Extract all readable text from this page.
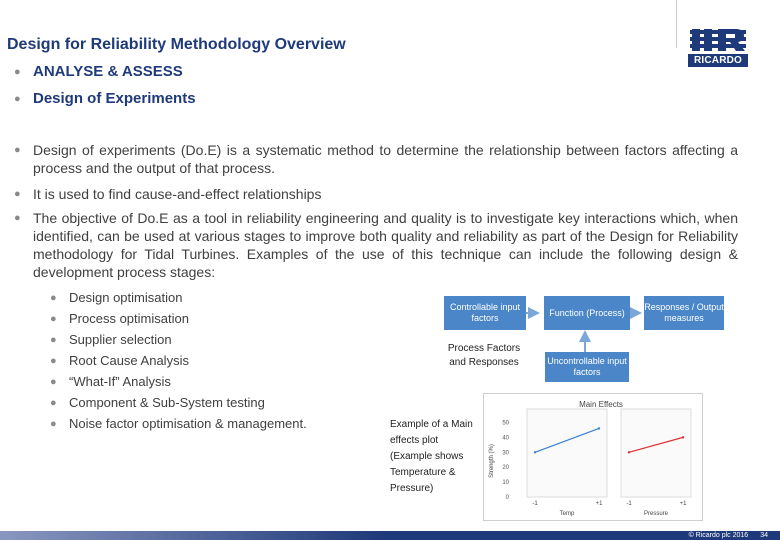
Design for Reliability Methodology Overview
RICARDO
● ANALYSE & ASSESS
● Design of Experiments
● Design of experiments (Do.E) is a systematic method to determine the relationship between factors affecting a process and the output of that process.
● It is used to find cause-and-effect relationships
● The objective of Do.E as a tool in reliability engineering and quality is to investigate key interactions which, when identified, can be used at various stages to improve both quality and reliability as part of the Design for Reliability methodology for Tidal Turbines. Examples of the use of this technique can include the following design & development process stages:
● Design optimisation
● Process optimisation
● Supplier selection
● Root Cause Analysis
● “What-If” Analysis
● Component & Sub-System testing
● Noise factor optimisation & management.
Controllable input factors
Function (Process)
Responses / Output measures
Uncontrollable input factors
Process Factors and Responses
Example of a Main effects plot (Example shows Temperature & Pressure)
Main Effects
Strength (%)
0
10
20
30
40
50
-1	+1
Temp
-1	+1
Pressure
© Ricardo plc 2016 34
